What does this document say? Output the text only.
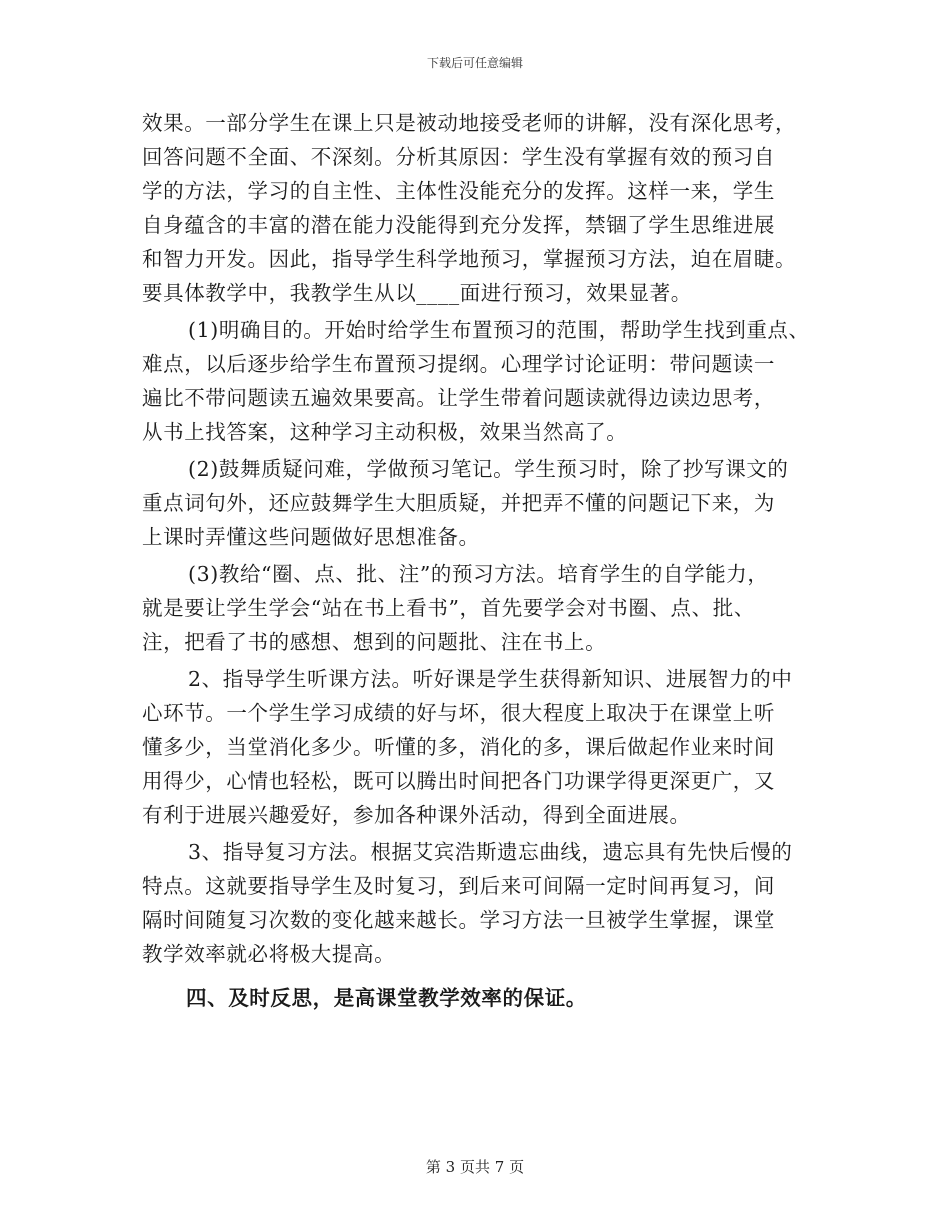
下载后可任意编辑
效果。一部分学生在课上只是被动地接受老师的讲解，没有深化思考，
回答问题不全面、不深刻。分析其原因：学生没有掌握有效的预习自
学的方法，学习的自主性、主体性没能充分的发挥。这样一来，学生
自身蕴含的丰富的潜在能力没能得到充分发挥，禁锢了学生思维进展
和智力开发。因此，指导学生科学地预习，掌握预习方法，迫在眉睫。
要具体教学中，我教学生从以____面进行预习，效果显著。
(1)明确目的。开始时给学生布置预习的范围，帮助学生找到重点、
难点，以后逐步给学生布置预习提纲。心理学讨论证明：带问题读一
遍比不带问题读五遍效果要高。让学生带着问题读就得边读边思考，
从书上找答案，这种学习主动积极，效果当然高了。
(2)鼓舞质疑问难，学做预习笔记。学生预习时，除了抄写课文的
重点词句外，还应鼓舞学生大胆质疑，并把弄不懂的问题记下来，为
上课时弄懂这些问题做好思想准备。
(3)教给“圈、点、批、注”的预习方法。培育学生的自学能力，
就是要让学生学会“站在书上看书”，首先要学会对书圈、点、批、
注，把看了书的感想、想到的问题批、注在书上。
2、指导学生听课方法。听好课是学生获得新知识、进展智力的中
心环节。一个学生学习成绩的好与坏，很大程度上取决于在课堂上听
懂多少，当堂消化多少。听懂的多，消化的多，课后做起作业来时间
用得少，心情也轻松，既可以腾出时间把各门功课学得更深更广，又
有利于进展兴趣爱好，参加各种课外活动，得到全面进展。
3、指导复习方法。根据艾宾浩斯遗忘曲线，遗忘具有先快后慢的
特点。这就要指导学生及时复习，到后来可间隔一定时间再复习，间
隔时间随复习次数的变化越来越长。学习方法一旦被学生掌握，课堂
教学效率就必将极大提高。
四、及时反思，是高课堂教学效率的保证。
第 3 页共 7 页
